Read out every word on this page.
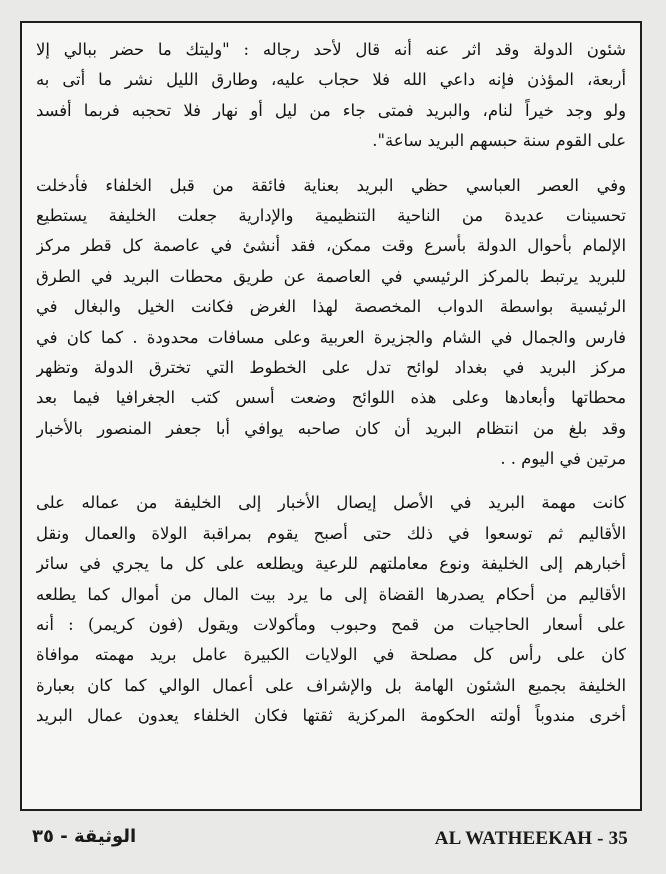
شئون الدولة وقد اثر عنه أنه قال لأحد رجاله : "وليتك ما حضر ببالي إلا
أربعة، المؤذن فإنه داعي الله فلا حجاب عليه، وطارق الليل نشر ما أتى به
ولو وجد خيراً لنام، والبريد فمتى جاء من ليل أو نهار فلا تحجبه فربما أفسد
على القوم سنة حبسهم البريد ساعة".
وفي العصر العباسي حظي البريد بعناية فائقة من قبل الخلفاء فأدخلت
تحسينات عديدة من الناحية التنظيمية والإدارية جعلت الخليفة يستطيع
الإلمام بأحوال الدولة بأسرع وقت ممكن، فقد أنشئ في عاصمة كل قطر مركز
للبريد يرتبط بالمركز الرئيسي في العاصمة عن طريق محطات البريد في الطرق
الرئيسية بواسطة الدواب المخصصة لهذا الغرض فكانت الخيل والبغال في
فارس والجمال في الشام والجزيرة العربية وعلى مسافات محدودة . كما كان في
مركز البريد في بغداد لوائح تدل على الخطوط التي تخترق الدولة وتظهر
محطاتها وأبعادها وعلى هذه اللوائح وضعت أسس كتب الجغرافيا فيما بعد
وقد بلغ من انتظام البريد أن كان صاحبه يوافي أبا جعفر المنصور بالأخبار
مرتين في اليوم . .
كانت مهمة البريد في الأصل إيصال الأخبار إلى الخليفة من عماله على
الأقاليم ثم توسعوا في ذلك حتى أصبح يقوم بمراقبة الولاة والعمال ونقل
أخبارهم إلى الخليفة ونوع معاملتهم للرعية ويطلعه على كل ما يجري في سائر
الأقاليم من أحكام يصدرها القضاة إلى ما يرد بيت المال من أموال كما يطلعه
على أسعار الحاجيات من قمح وحبوب ومأكولات ويقول (فون كريمر) : أنه
كان على رأس كل مصلحة في الولايات الكبيرة عامل بريد مهمته موافاة
الخليفة بجميع الشئون الهامة بل والإشراف على أعمال الوالي كما كان بعبارة
أخرى مندوباً أولته الحكومة المركزية ثقتها فكان الخلفاء يعدون عمال البريد
الوثيقة - ٣٥	AL WATHEEKAH - 35
